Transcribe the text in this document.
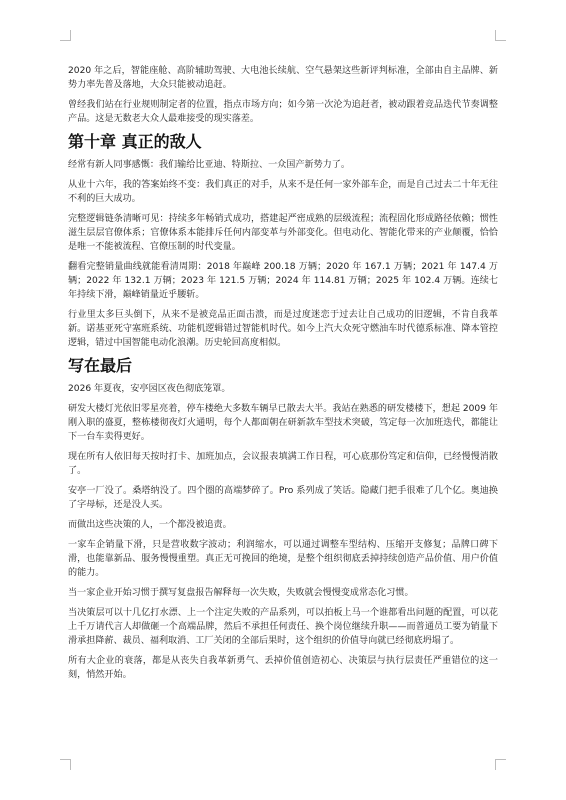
2020 年之后，智能座舱、高阶辅助驾驶、大电池长续航、空气悬架这些新评判标准，全部由自主品牌、新势力率先普及落地，大众只能被动追赶。

曾经我们站在行业规则制定者的位置，指点市场方向；如今第一次沦为追赶者，被动跟着竞品迭代节奏调整产品。这是无数老大众人最难接受的现实落差。

第十章 真正的敌人

经常有新人同事感慨：我们输给比亚迪、特斯拉、一众国产新势力了。

从业十六年，我的答案始终不变：我们真正的对手，从来不是任何一家外部车企，而是自己过去二十年无往不利的巨大成功。

完整逻辑链条清晰可见：持续多年畅销式成功，搭建起严密成熟的层级流程；流程固化形成路径依赖；惯性滋生层层官僚体系；官僚体系本能排斥任何内部变革与外部变化。但电动化、智能化带来的产业颠覆，恰恰是唯一不能被流程、官僚压制的时代变量。

翻看完整销量曲线就能看清周期：2018 年巅峰 200.18 万辆；2020 年 167.1 万辆；2021 年 147.4 万辆；2022 年 132.1 万辆；2023 年 121.5 万辆；2024 年 114.81 万辆；2025 年 102.4 万辆。连续七年持续下滑，巅峰销量近乎腰斩。

行业里太多巨头倒下，从来不是被竞品正面击溃，而是过度迷恋于过去让自己成功的旧逻辑，不肯自我革新。诺基亚死守塞班系统、功能机逻辑错过智能机时代。如今上汽大众死守燃油车时代德系标准、降本管控逻辑，错过中国智能电动化浪潮。历史轮回高度相似。

写在最后

2026 年夏夜，安亭园区夜色彻底笼罩。

研发大楼灯光依旧零星亮着，停车楼绝大多数车辆早已散去大半。我站在熟悉的研发楼楼下，想起 2009 年刚入职的盛夏，整栋楼彻夜灯火通明，每个人都面朝在研新款车型技术突破，笃定每一次加班迭代，都能让下一台车卖得更好。

现在所有人依旧每天按时打卡、加班加点，会议报表填满工作日程，可心底那份笃定和信仰，已经慢慢消散了。

安亭一厂没了。桑塔纳没了。四个圈的高端梦碎了。Pro 系列成了笑话。隐藏门把手很难了几个亿。奥迪换了字母标，还是没人买。

而做出这些决策的人，一个都没被追责。

一家车企销量下滑，只是营收数字波动；利润缩水，可以通过调整车型结构、压缩开支修复；品牌口碑下滑，也能靠新品、服务慢慢重塑。真正无可挽回的绝境，是整个组织彻底丢掉持续创造产品价值、用户价值的能力。

当一家企业开始习惯于撰写复盘报告解释每一次失败，失败就会慢慢变成常态化习惯。

当决策层可以十几亿打水漂、上一个注定失败的产品系列，可以拍板上马一个谁都看出问题的配置，可以花上千万请代言人却做砸一个高端品牌，然后不承担任何责任、换个岗位继续升职——而普通员工要为销量下滑承担降薪、裁员、福利取消、工厂关闭的全部后果时，这个组织的价值导向就已经彻底坍塌了。

所有大企业的衰落，都是从丧失自我革新勇气、丢掉价值创造初心、决策层与执行层责任严重错位的这一刻，悄然开始。
